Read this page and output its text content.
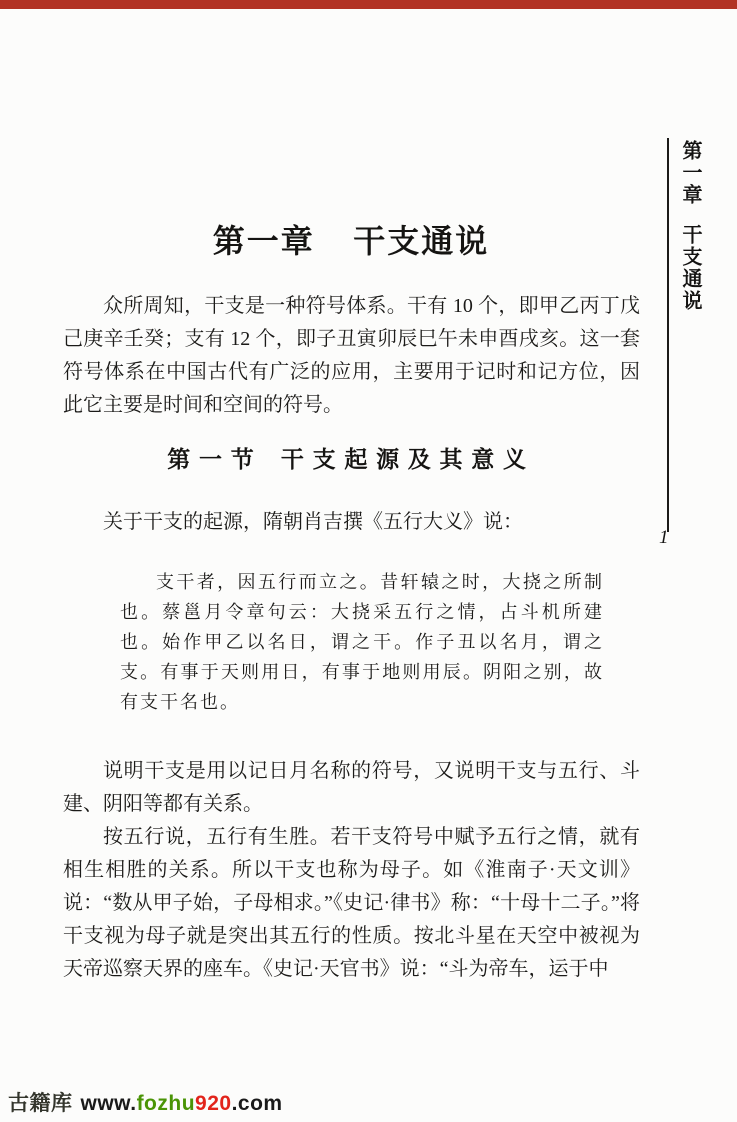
第一章 干支通说

众所周知，干支是一种符号体系。干有 10 个，即甲乙丙丁戊己庚辛壬癸；支有 12 个，即子丑寅卯辰巳午未申酉戌亥。这一套符号体系在中国古代有广泛的应用，主要用于记时和记方位，因此它主要是时间和空间的符号。

第一节 干支起源及其意义

关于干支的起源，隋朝肖吉撰《五行大义》说：

支干者，因五行而立之。昔轩辕之时，大挠之所制也。蔡邕月令章句云：大挠采五行之情，占斗机所建也。始作甲乙以名日，谓之干。作子丑以名月，谓之支。有事于天则用日，有事于地则用辰。阴阳之别，故有支干名也。

说明干支是用以记日月名称的符号，又说明干支与五行、斗建、阴阳等都有关系。

按五行说，五行有生胜。若干支符号中赋予五行之情，就有相生相胜的关系。所以干支也称为母子。如《淮南子·天文训》说：“数从甲子始，子母相求。”《史记·律书》称：“十母十二子。”将干支视为母子就是突出其五行的性质。按北斗星在天空中被视为天帝巡察天界的座车。《史记·天官书》说：“斗为帝车，运于中

第一章干支通说
1
古籍库 www.fozhu920.com
